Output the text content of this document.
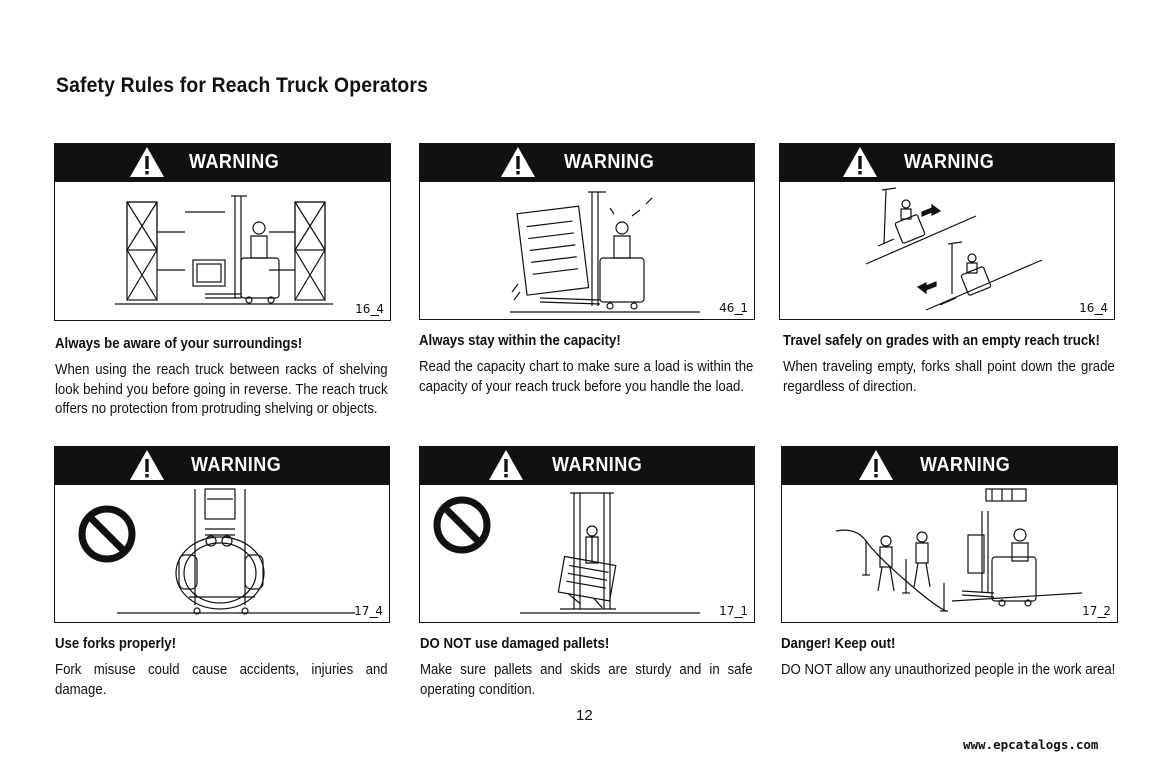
Safety Rules for Reach Truck Operators
WARNING
16_4
Always be aware of your surroundings!
When using the reach truck between racks of shelving look behind you before going in reverse. The reach truck offers no protection from protruding shelving or objects.
WARNING
46_1
Always stay within the capacity!
Read the capacity chart to make sure a load is within the capacity of your reach truck before you handle the load.
WARNING
16_4
Travel safely on grades with an empty reach truck!
When traveling empty, forks shall point down the grade regardless of direction.
WARNING
17_4
Use forks properly!
Fork misuse could cause accidents, injuries and damage.
WARNING
17_1
DO NOT use damaged pallets!
Make sure pallets and skids are sturdy and in safe operating condition.
WARNING
17_2
Danger! Keep out!
DO NOT allow any unauthorized people in the work area!
12
www.epcatalogs.com
